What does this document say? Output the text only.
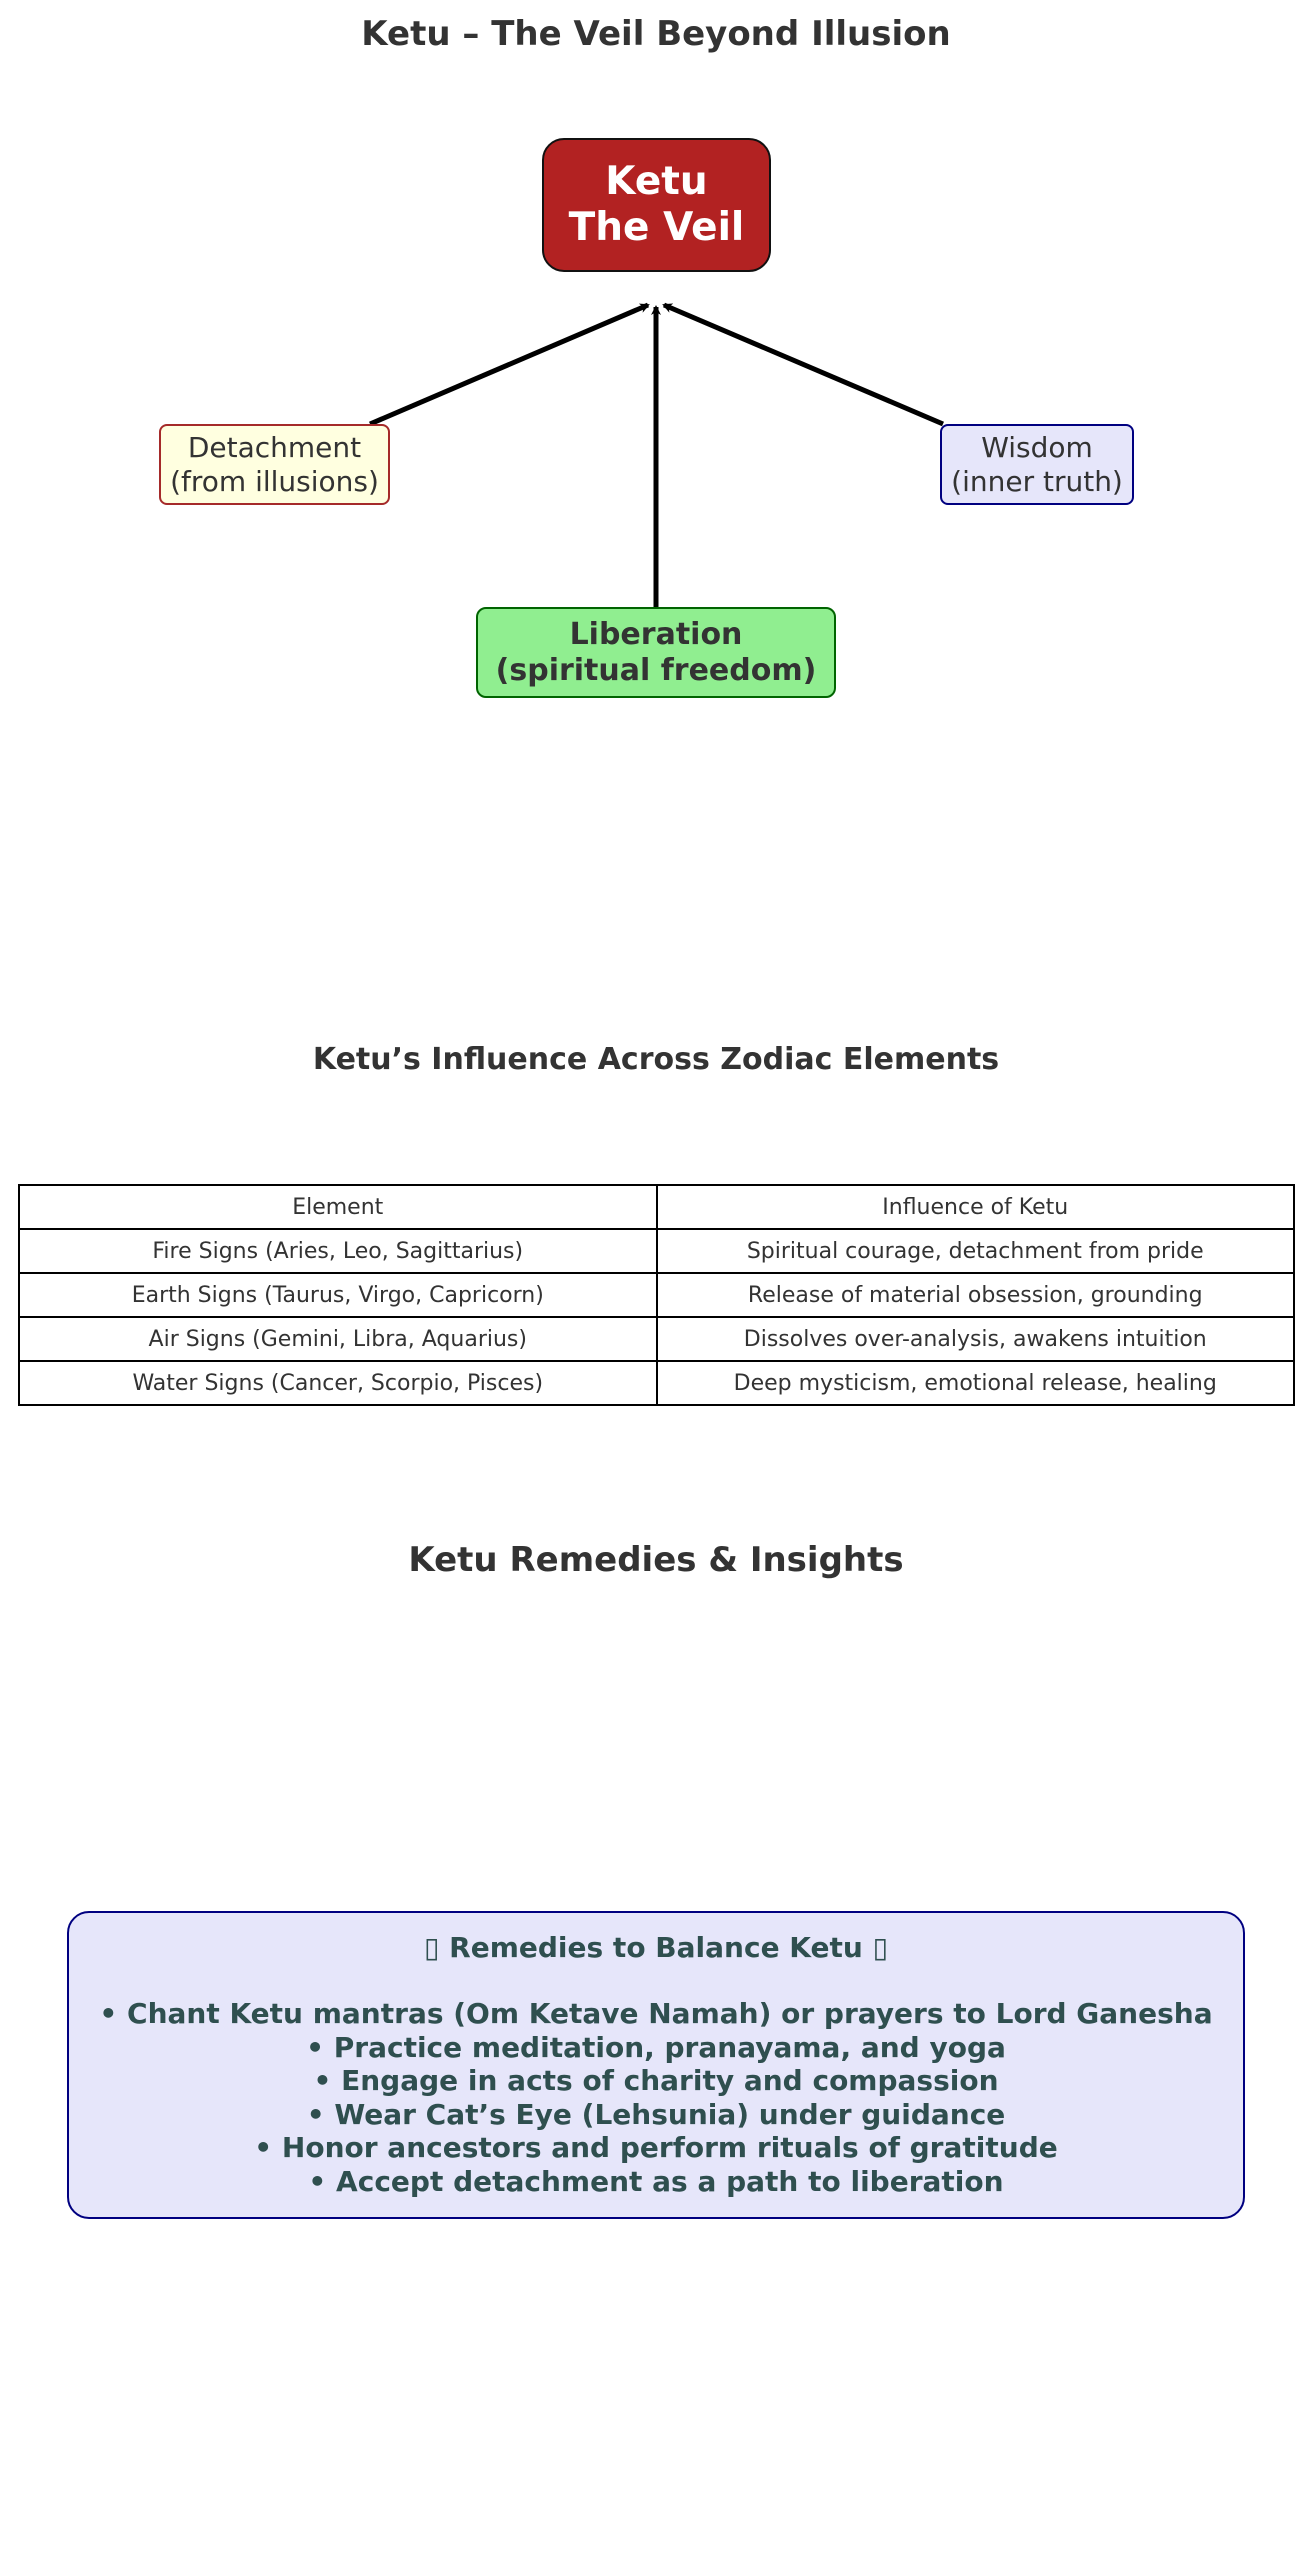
Ketu – The Veil Beyond Illusion
Ketu
The Veil
Detachment
(from illusions)
Wisdom
(inner truth)
Liberation
(spiritual freedom)
Ketu’s Influence Across Zodiac Elements
Element	Influence of Ketu
Fire Signs (Aries, Leo, Sagittarius)	Spiritual courage, detachment from pride
Earth Signs (Taurus, Virgo, Capricorn)	Release of material obsession, grounding
Air Signs (Gemini, Libra, Aquarius)	Dissolves over-analysis, awakens intuition
Water Signs (Cancer, Scorpio, Pisces)	Deep mysticism, emotional release, healing
Ketu Remedies & Insights
▯ Remedies to Balance Ketu ▯
• Chant Ketu mantras (Om Ketave Namah) or prayers to Lord Ganesha
• Practice meditation, pranayama, and yoga
• Engage in acts of charity and compassion
• Wear Cat’s Eye (Lehsunia) under guidance
• Honor ancestors and perform rituals of gratitude
• Accept detachment as a path to liberation
